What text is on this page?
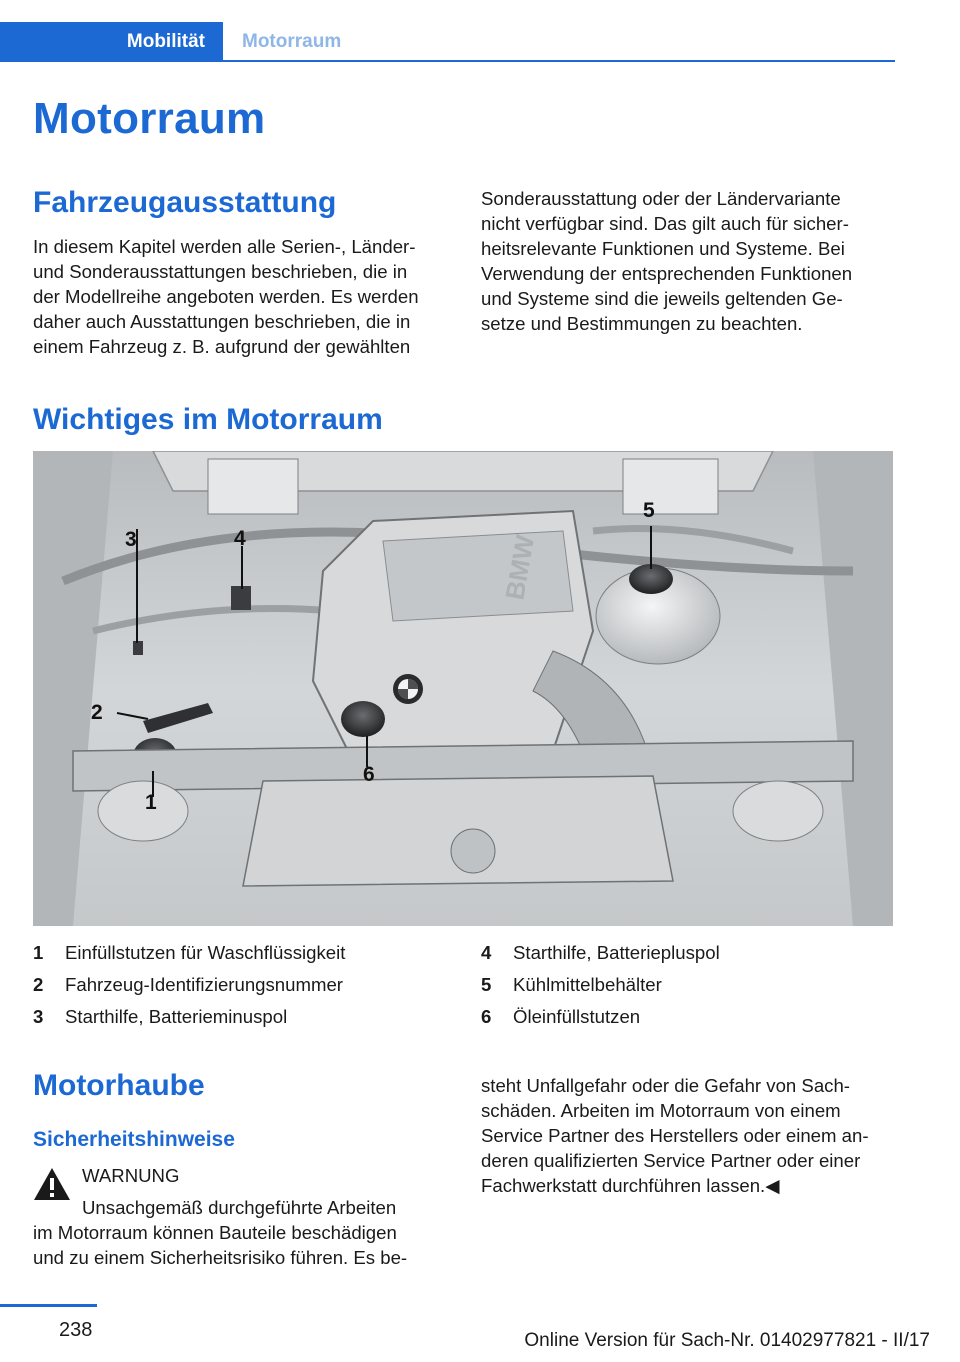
Mobilität	Motorraum
Motorraum
Fahrzeugausstattung
In diesem Kapitel werden alle Serien-, Länder-
und Sonderausstattungen beschrieben, die in
der Modellreihe angeboten werden. Es werden
daher auch Ausstattungen beschrieben, die in
einem Fahrzeug z. B. aufgrund der gewählten
Sonderausstattung oder der Ländervariante
nicht verfügbar sind. Das gilt auch für sicher-
heitsrelevante Funktionen und Systeme. Bei
Verwendung der entsprechenden Funktionen
und Systeme sind die jeweils geltenden Ge-
setze und Bestimmungen zu beachten.
Wichtiges im Motorraum
BMW
3	4
5
2
1
6
1	Einfüllstutzen für Waschflüssigkeit
2	Fahrzeug-Identifizierungsnummer
3	Starthilfe, Batterieminuspol
4	Starthilfe, Batteriepluspol
5	Kühlmittelbehälter
6	Öleinfüllstutzen
Motorhaube
Sicherheitshinweise
WARNUNG
Unsachgemäß durchgeführte Arbeiten
im Motorraum können Bauteile beschädigen
und zu einem Sicherheitsrisiko führen. Es be-
steht Unfallgefahr oder die Gefahr von Sach-
schäden. Arbeiten im Motorraum von einem
Service Partner des Herstellers oder einem an-
deren qualifizierten Service Partner oder einer
Fachwerkstatt durchführen lassen.◀
238	Online Version für Sach-Nr. 01402977821 - II/17
